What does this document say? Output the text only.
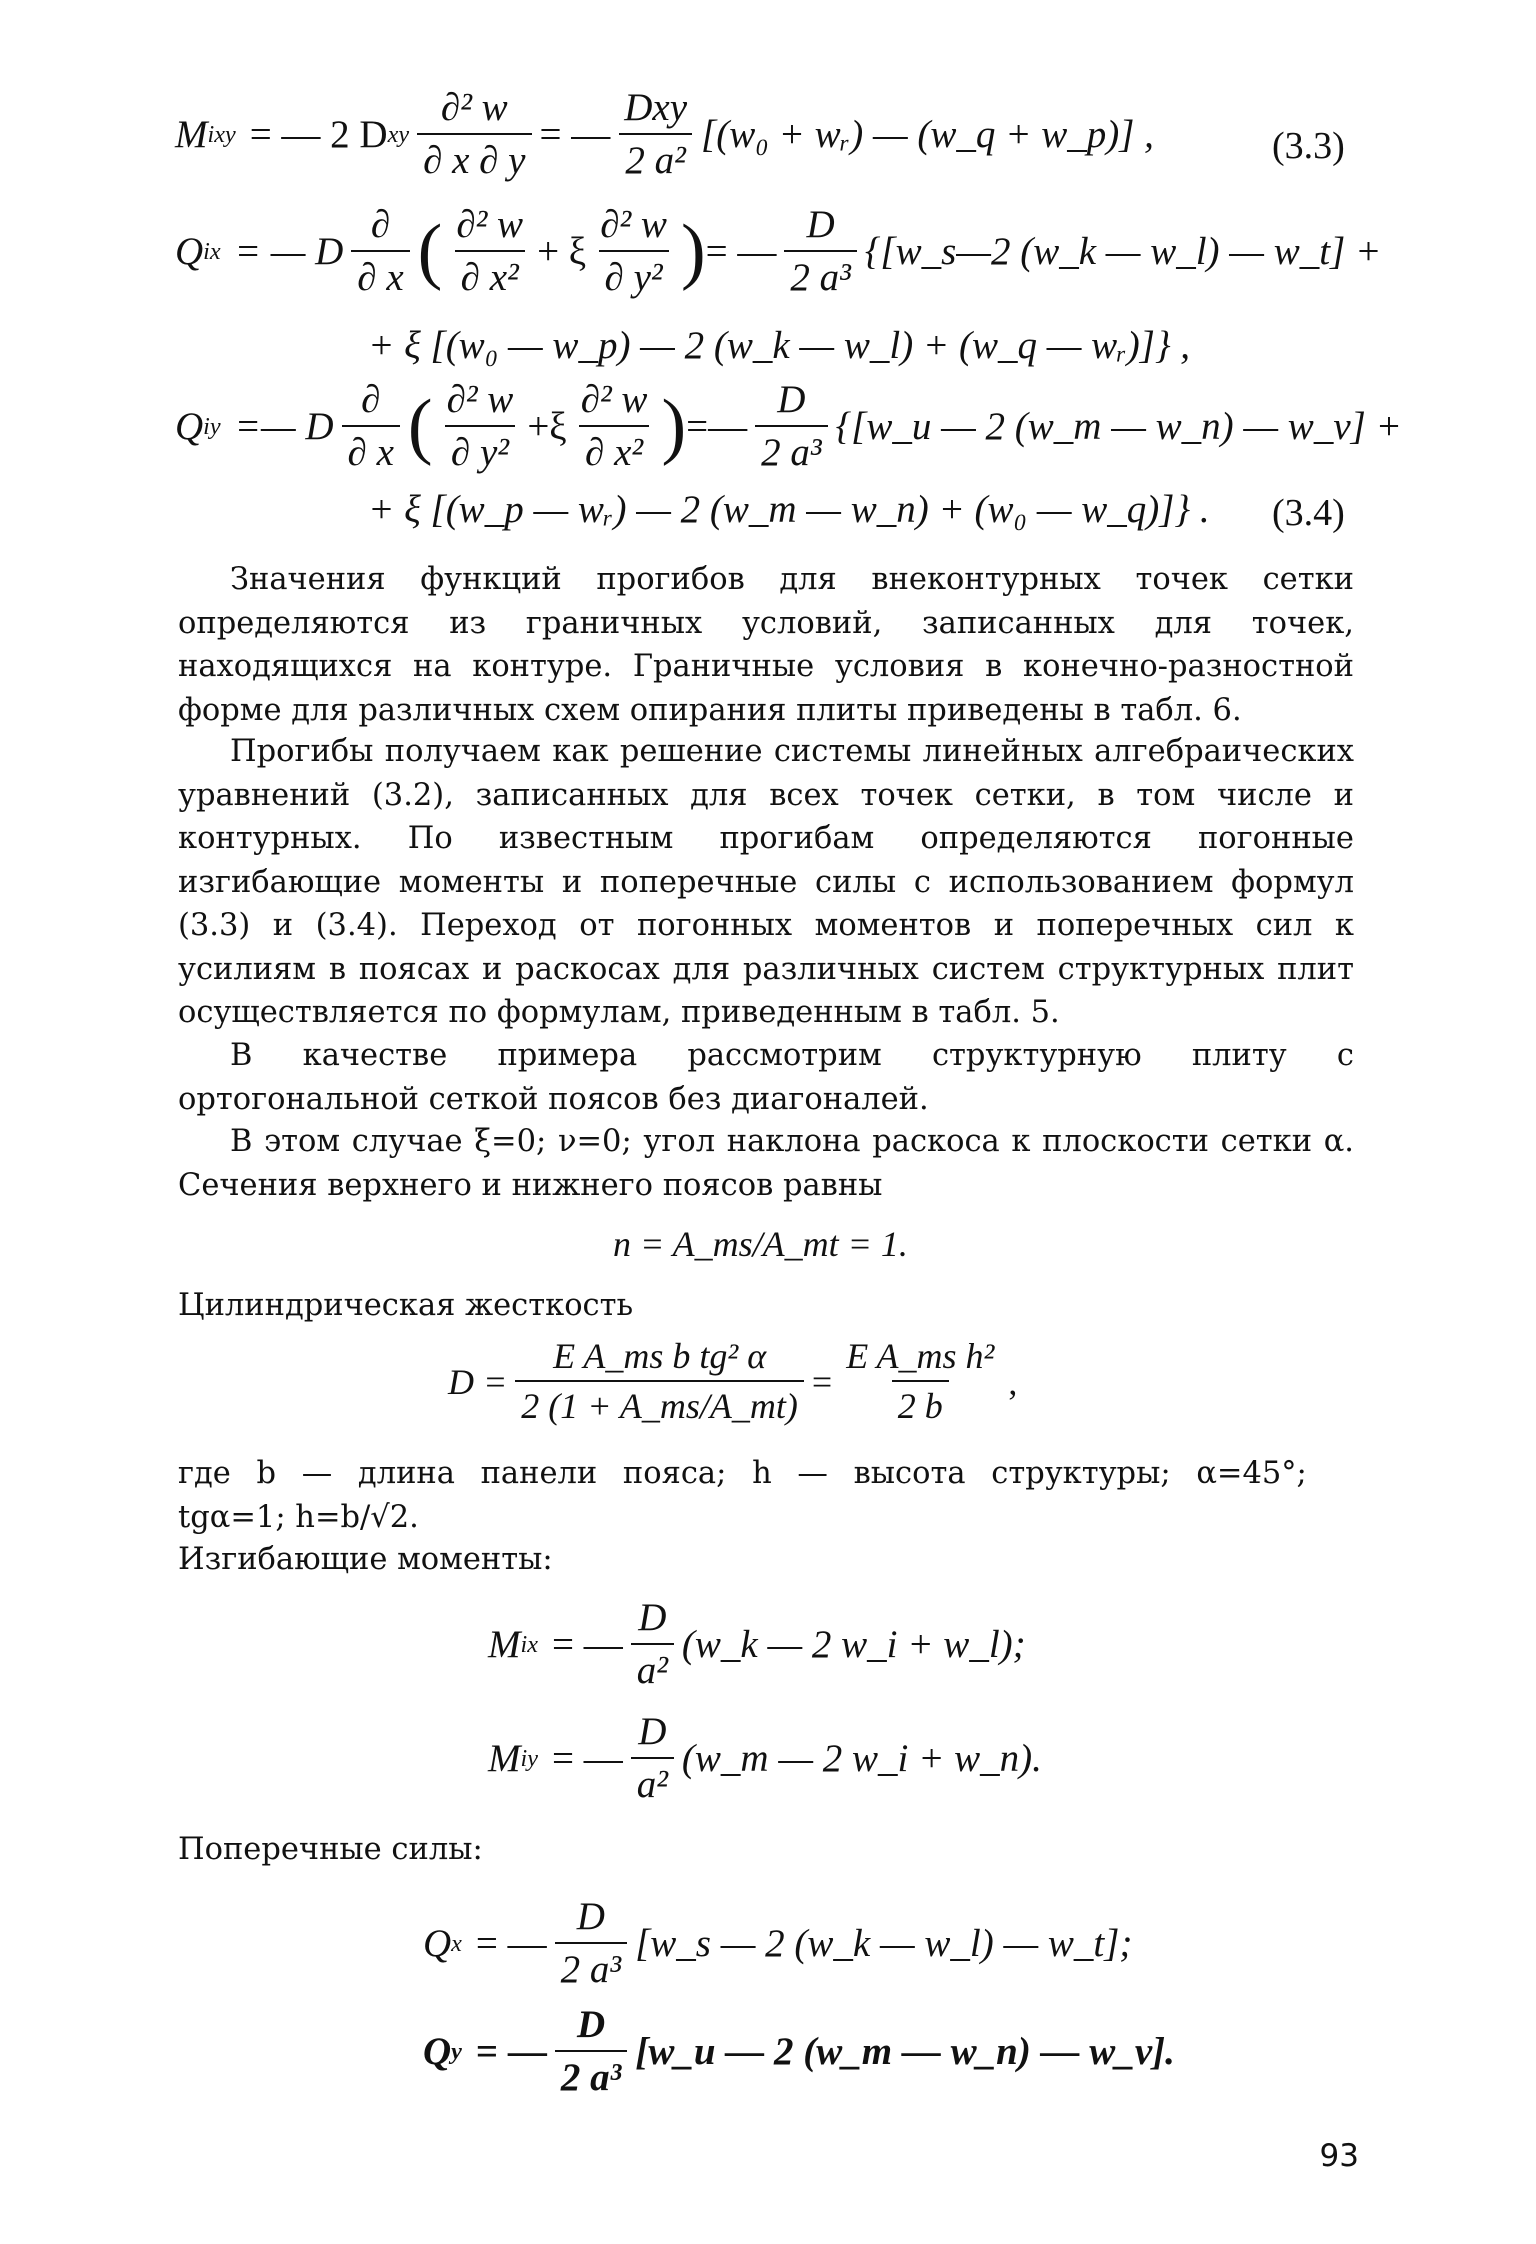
M ixy = — 2 D xy $\frac{\text{∂² w}}{\partial x \partial y}$ = — $\frac{\text{Dxy}}{\text{2 a²}} [(w_0$ + wᵣ) — (w_q + w_p)] ,	(3.3)
Q ix = — D $\frac{\partial}{\partial x}$ ( $\frac{\text{∂² w}}{\text{∂ x²}} + \xi \frac{\text{∂² w}}{\text{∂ y²}}$ ) = — $\frac{D}{\text{2 a³}}$ {[w_s—2 (w_k — w_l) — w_t] +
+ ξ [(w₀ — w_p) — 2 (w_k — w_l) + (w_q — wᵣ)]} ,
Q iy =— D $\frac{\partial}{\partial x}$ ( $\frac{\text{∂² w}}{\text{∂ y²}} +\xi \frac{\text{∂² w}}{\text{∂ x²}}$ ) =— $\frac{D}{\text{2 a³}}$ {[w_u — 2 (w_m — w_n) — w_v] +
+ ξ [(w_p — wᵣ) — 2 (w_m — w_n) + (w₀ — w_q)]} . (3.4)

Значения функций прогибов для внеконтурных точек сетки определяются из граничных условий, записанных для точек, находящихся на контуре. Граничные условия в конечно-разностной форме для различных схем опирания плиты приведены в табл. 6.

Прогибы получаем как решение системы линейных алгебраических уравнений (3.2), записанных для всех точек сетки, в том числе и контурных. По известным прогибам определяются погонные изгибающие моменты и поперечные силы с использованием формул (3.3) и (3.4). Переход от погонных моментов и поперечных сил к усилиям в поясах и раскосах для различных систем структурных плит осуществляется по формулам, приведенным в табл. 5.

В качестве примера рассмотрим структурную плиту с ортогональной сеткой поясов без диагоналей.

В этом случае ξ=0; ν=0; угол наклона раскоса к плоскости сетки α. Сечения верхнего и нижнего поясов равны

n = A_ms/A_mt = 1.
Цилиндрическая жесткость
$D = \frac{\text{E A\_ms b tg² α}}{2 (1 + A\_ms/A\_mt)} = \frac{\text{E A\_ms h²}}{2 b}$ ,
где b — длина панели пояса; h — высота структуры; α=45°;
tgα=1; h=b/√2.
Изгибающие моменты:
M ix = — $\frac{D}{\text{a²}}$ (w_k — 2 w_i + w_l);
M iy = — $\frac{D}{\text{a²}}$ (w_m — 2 w_i + w_n).
Поперечные силы:
Q x = — $\frac{D}{\text{2 a³}}$ [w_s — 2 (w_k — w_l) — w_t];
Q y = — $\frac{D}{\text{2 a³}}$ [w_u — 2 (w_m — w_n) — w_v].
93
